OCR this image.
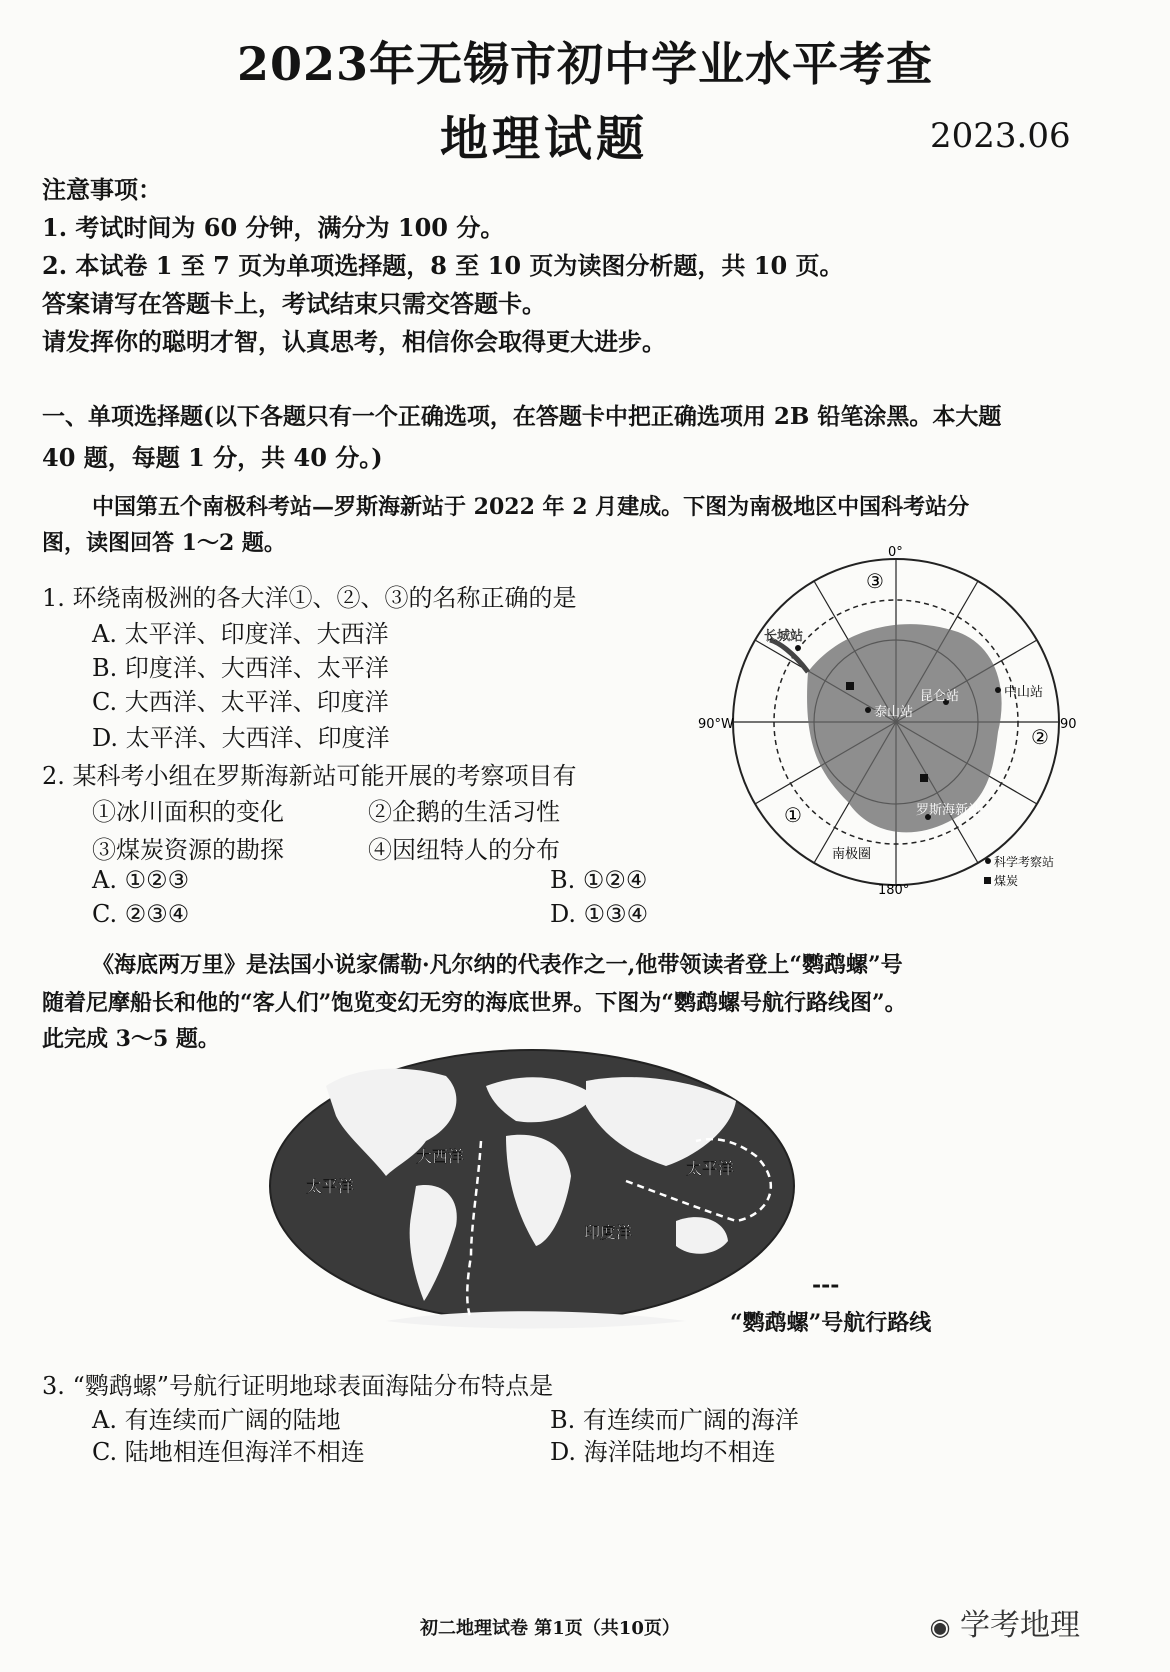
2023年无锡市初中学业水平考查
地理试题	2023.06
注意事项：
1. 考试时间为 60 分钟，满分为 100 分。
2. 本试卷 1 至 7 页为单项选择题，8 至 10 页为读图分析题，共 10 页。
答案请写在答题卡上，考试结束只需交答题卡。
请发挥你的聪明才智，认真思考，相信你会取得更大进步。
一、单项选择题(以下各题只有一个正确选项，在答题卡中把正确选项用 2B 铅笔涂黑。本大题
40 题，每题 1 分，共 40 分。)
中国第五个南极科考站—罗斯海新站于 2022 年 2 月建成。下图为南极地区中国科考站分
图，读图回答 1～2 题。
1. 环绕南极洲的各大洋①、②、③的名称正确的是
A. 太平洋、印度洋、大西洋
B. 印度洋、大西洋、太平洋
C. 大西洋、太平洋、印度洋
D. 太平洋、大西洋、印度洋
2. 某科考小组在罗斯海新站可能开展的考察项目有
①冰川面积的变化	②企鹅的生活习性
③煤炭资源的勘探	④因纽特人的分布
A. ①②③	B. ①②④
C. ②③④	D. ①③④
0°
90°W	90
180°
③
②
①
长城站
中山站
昆仑站
泰山站
罗斯海新站
南极圈	科学考察站
煤炭
《海底两万里》是法国小说家儒勒·凡尔纳的代表作之一,他带领读者登上“鹦鹉螺”号
随着尼摩船长和他的“客人们”饱览变幻无穷的海底世界。下图为“鹦鹉螺号航行路线图”。
此完成 3～5 题。
大西洋
太平洋
太平洋
印度洋
---
“鹦鹉螺”号航行路线
3. “鹦鹉螺”号航行证明地球表面海陆分布特点是
A. 有连续而广阔的陆地	B. 有连续而广阔的海洋
C. 陆地相连但海洋不相连	D. 海洋陆地均不相连
初二地理试卷 第1页（共10页）	◉ 学考地理
